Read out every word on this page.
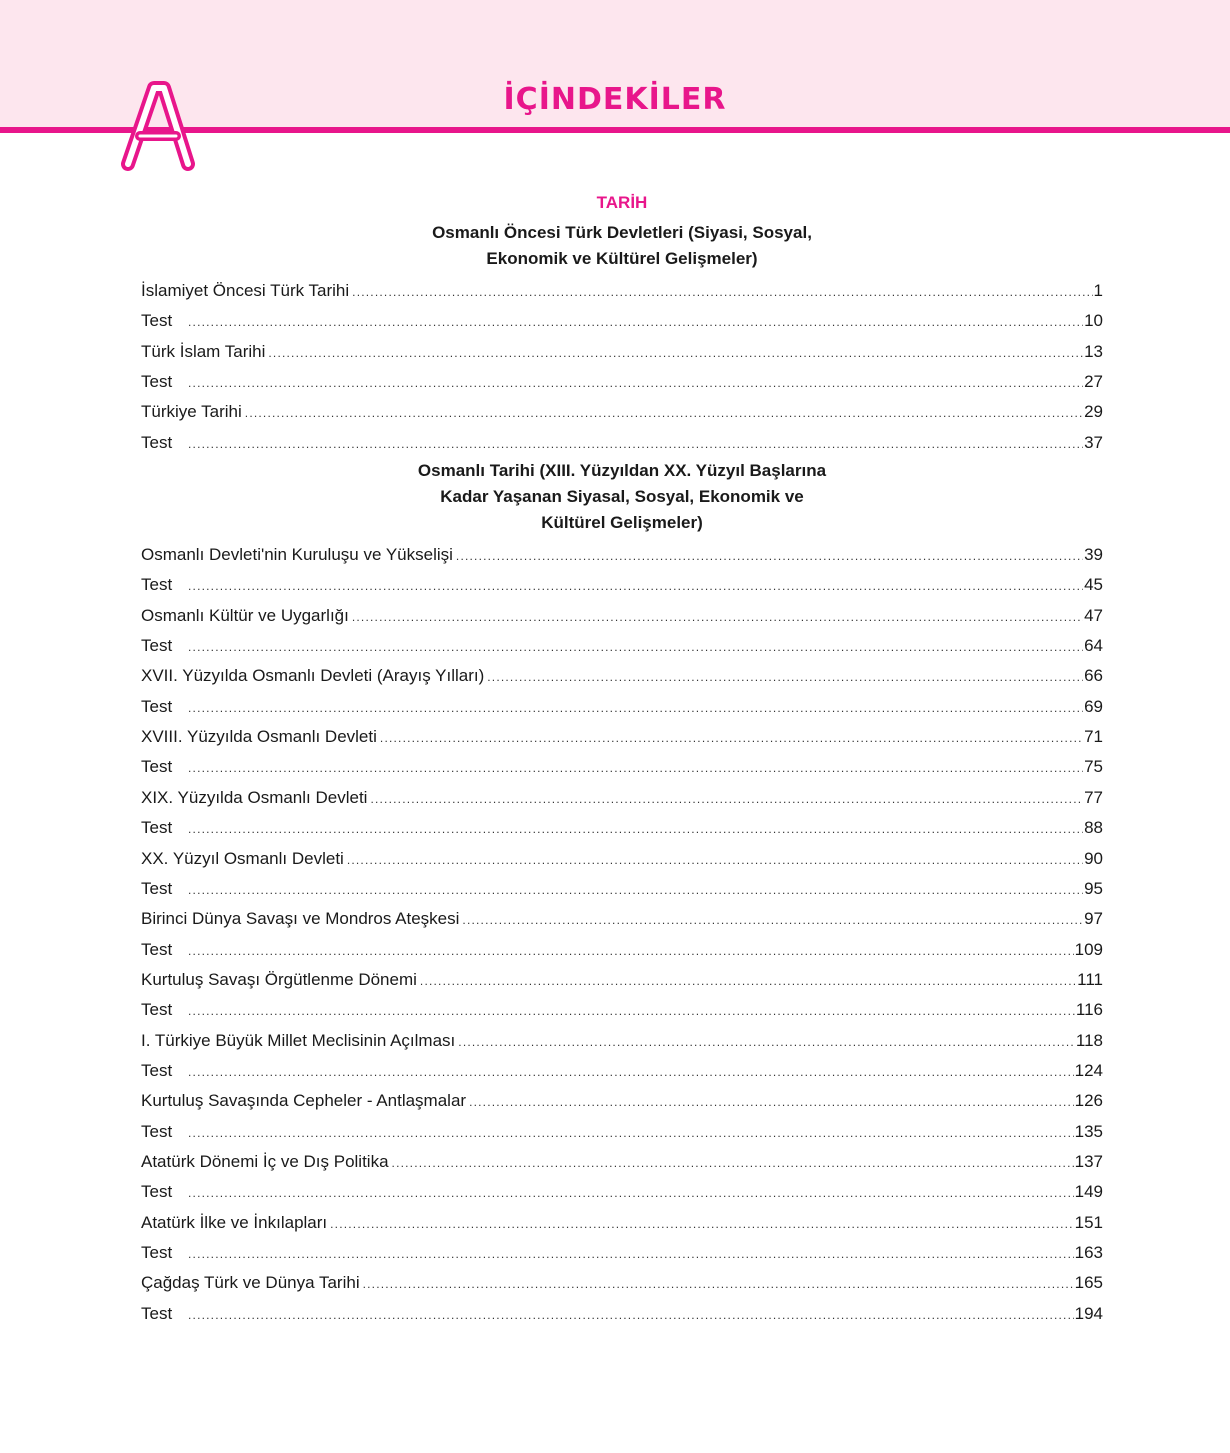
İÇİNDEKİLER
TARİH
Osmanlı Öncesi Türk Devletleri (Siyasi, Sosyal,
Ekonomik ve Kültürel Gelişmeler)
İslamiyet Öncesi Türk Tarihi .....	1
Test .....	10
Türk İslam Tarihi .....	13
Test .....	27
Türkiye Tarihi .....	29
Test .....	37
Osmanlı Tarihi (XIII. Yüzyıldan XX. Yüzyıl Başlarına
Kadar Yaşanan Siyasal, Sosyal, Ekonomik ve
Kültürel Gelişmeler)
Osmanlı Devleti'nin Kuruluşu ve Yükselişi .....	39
Test .....	45
Osmanlı Kültür ve Uygarlığı .....	47
Test .....	64
XVII. Yüzyılda Osmanlı Devleti (Arayış Yılları) .....	66
Test .....	69
XVIII. Yüzyılda Osmanlı Devleti .....	71
Test .....	75
XIX. Yüzyılda Osmanlı Devleti .....	77
Test .....	88
XX. Yüzyıl Osmanlı Devleti .....	90
Test .....	95
Birinci Dünya Savaşı ve Mondros Ateşkesi .....	97
Test .....	109
Kurtuluş Savaşı Örgütlenme Dönemi .....	111
Test .....	116
I. Türkiye Büyük Millet Meclisinin Açılması .....	118
Test .....	124
Kurtuluş Savaşında Cepheler - Antlaşmalar .....	126
Test .....	135
Atatürk Dönemi İç ve Dış Politika .....	137
Test .....	149
Atatürk İlke ve İnkılapları .....	151
Test .....	163
Çağdaş Türk ve Dünya Tarihi .....	165
Test .....	194
